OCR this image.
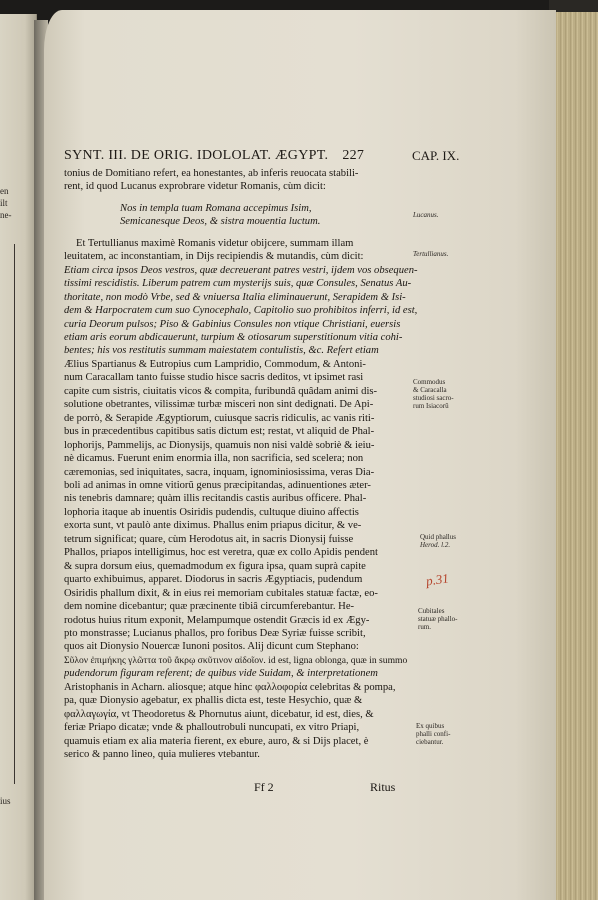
en
ilt
ne-
ius
SYNT. III. DE ORIG. IDOLOLAT. ÆGYPT. 227	CAP. IX.
tonius de Domitiano refert, ea honestantes, ab inferis reuocata stabili-
rent, id quod Lucanus exprobrare videtur Romanis, cùm dicit:
Nos in templa tuam Romana accepimus Isim,
Semicanesque Deos, & sistra mouentia luctum.
Et Tertullianus maximè Romanis videtur obijcere, summam illam
leuitatem, ac inconstantiam, in Dijs recipiendis & mutandis, cùm dicit:
Etiam circa ipsos Deos vestros, quæ decreuerant patres vestri, ijdem vos obsequen-
tissimi rescidistis. Liberum patrem cum mysterijs suis, quæ Consules, Senatus Au-
thoritate, non modò Vrbe, sed & vniuersa Italia eliminauerunt, Serapidem & Isi-
dem & Harpocratem cum suo Cynocephalo, Capitolio suo prohibitos inferri, id est,
curia Deorum pulsos; Piso & Gabinius Consules non vtique Christiani, euersis
etiam aris eorum abdicauerunt, turpium & otiosarum superstitionum vitia cohi-
bentes; his vos restitutis summam maiestatem contulistis, &c. Refert etiam
Ælius Spartianus & Eutropius cum Lampridio, Commodum, & Antoni-
num Caracallam tanto fuisse studio hisce sacris deditos, vt ipsimet rasi
capite cum sistris, ciuitatis vicos & compita, furibundâ quâdam animi dis-
solutione obetrantes, vilissimæ turbæ misceri non sint dedignati. De Api-
de porrò, & Serapide Ægyptiorum, cuiusque sacris ridiculis, ac vanis riti-
bus in præcedentibus capitibus satis dictum est; restat, vt aliquid de Phal-
lophorijs, Pammelijs, ac Dionysijs, quamuis non nisi valdè sobriè & ieiu-
nè dicamus. Fuerunt enim enormia illa, non sacrificia, sed scelera; non
cæremonias, sed iniquitates, sacra, inquam, ignominiosissima, veras Dia-
boli ad animas in omne vitiorũ genus præcipitandas, adinuentiones æter-
nis tenebris damnare; quàm illis recitandis castis auribus officere. Phal-
lophoria itaque ab inuentis Osiridis pudendis, cultuque diuino affectis
exorta sunt, vt paulò ante diximus. Phallus enim priapus dicitur, & ve-
tetrum significat; quare, cùm Herodotus ait, in sacris Dionysij fuisse
Phallos, priapos intelligimus, hoc est veretra, quæ ex collo Apidis pendent
& supra dorsum eius, quemadmodum ex figura ipsa, quam suprà capite
quarto exhibuimus, apparet. Diodorus in sacris Ægyptiacis, pudendum
Osiridis phallum dixit, & in eius rei memoriam cubitales statuæ factæ, eo-
dem nomine dicebantur; quæ præcinente tibiâ circumferebantur. He-
rodotus huius ritum exponit, Melampumque ostendit Græcis id ex Ægy-
pto monstrasse; Lucianus phallos, pro foribus Deæ Syriæ fuisse scribit,
quos ait Dionysio Nouercæ Iunoni positos. Alij dicunt cum Stephano:
Σῦλον ἐπιμήκης γλῶττα τοῦ ἄκρῳ σκῦτινον αἰδοῖον. id est, ligna oblonga, quæ in summo
pudendorum figuram referent; de quibus vide Suidam, & interpretationem
Aristophanis in Acharn. aliosque; atque hinc φαλλοφορία celebritas & pompa,
pa, quæ Dionysio agebatur, ex phallis dicta est, teste Hesychio, quæ &
φαλλαγωγία, vt Theodoretus & Phornutus aiunt, dicebatur, id est, dies, &
feriæ Priapo dicatæ; vnde & phalloutrobuli nuncupati, ex vitro Priapi,
quamuis etiam ex alia materia fierent, ex ebure, auro, & si Dijs placet, è
serico & panno lineo, quia mulieres vtebantur.
Lucanus.
Tertullianus.
Commodus
& Caracalla
studiosi sacro-
rum Isiacorũ
Quid phallus
Herod. l.2.
p.31
Cubitales
statuæ phallo-
rum.
Ex quibus
phalli confi-
ciebantur.
Ff 2	Ritus
